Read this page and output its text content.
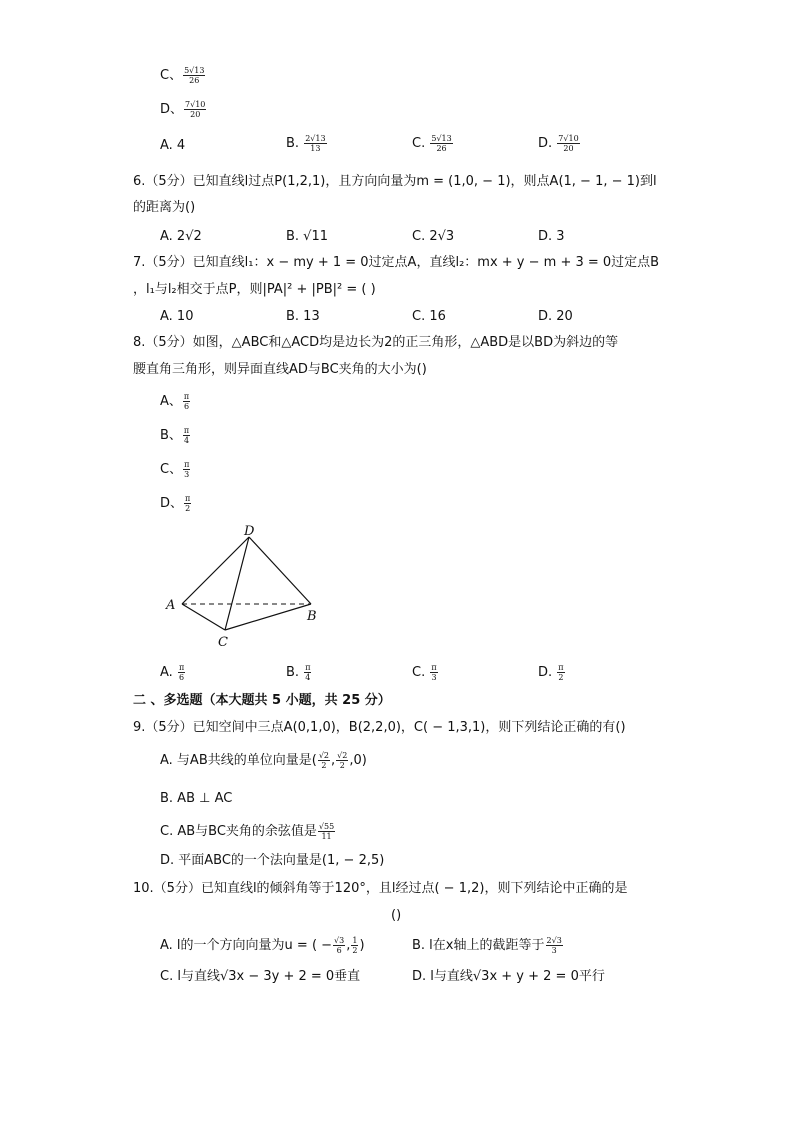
C、 $\frac{5√13}{26}$
D、 $\frac{7√10}{20}$
A. 4	B. $\frac{2√13}{13}$	C. $\frac{5√13}{26}$	D. $\frac{7√10}{20}$
6.（5分）已知直线l过点P(1,2,1)，且方向向量为m = (1,0, − 1)，则点A(1, − 1, − 1)到l
的距离为()
A. 2√2	B. √11	C. 2√3	D. 3
7.（5分）已知直线l₁：x − my + 1 = 0过定点A，直线l₂：mx + y − m + 3 = 0过定点B
，l₁与l₂相交于点P，则|PA|² + |PB|² = ( )
A. 10	B. 13	C. 16	D. 20
8.（5分）如图，△ABC和△ACD均是边长为2的正三角形，△ABD是以BD为斜边的等
腰直角三角形，则异面直线AD与BC夹角的大小为()
A、 $\frac{\pi}{6}$
B、 $\frac{\pi}{4}$
C、 $\frac{\pi}{3}$
D、 $\frac{\pi}{2}$
D
A
B
C
A. $\frac{\pi}{6}$	B. $\frac{\pi}{4}$	C. $\frac{\pi}{3}$	D. $\frac{\pi}{2}$
二 、多选题（本大题共 5 小题，共 25 分）
9.（5分）已知空间中三点A(0,1,0)，B(2,2,0)，C( − 1,3,1)，则下列结论正确的有()
A. 与AB共线的单位向量是( $\frac{√2}{2}$ , $\frac{√2}{2} ,0$)
B. AB ⊥ AC
C. AB与BC夹角的余弦值是 $\frac{√55}{11}$
D. 平面ABC的一个法向量是(1, − 2,5)
10.（5分）已知直线l的倾斜角等于120°，且l经过点( − 1,2)，则下列结论中正确的是
()
A. l的一个方向向量为u = ( − $\frac{√3}{6}$ , $\frac{1}{2}$ )	B. l在x轴上的截距等于 $\frac{2√3}{3}$
C. l与直线√3x − 3y + 2 = 0垂直	D. l与直线√3x + y + 2 = 0平行
